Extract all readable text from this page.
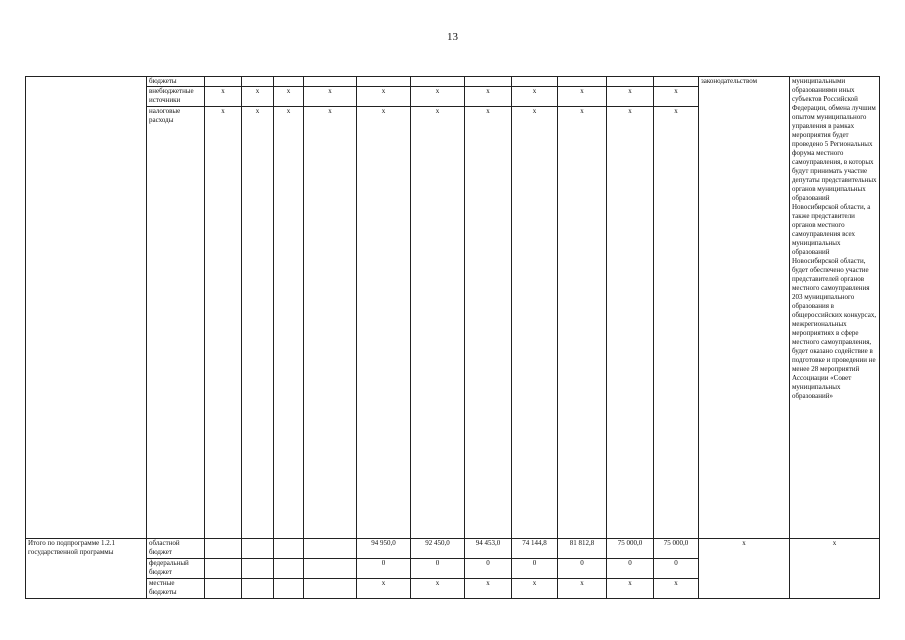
13
	бюджеты												законодательством	муниципальными образованиями иных субъектов Российской Федерации, обмена лучшим опытом муниципального управления в рамках мероприятия будет проведено 5 Региональных форума местного самоуправления, в которых будут принимать участие депутаты представительных органов муниципальных образований Новосибирской области, а также представители органов местного самоуправления всех муниципальных образований Новосибирской области, будет обеспечено участие представителей органов местного самоуправления 203 муниципального образования в общероссийских конкурсах, межрегиональных мероприятиях в сфере местного самоуправления, будет оказано содействие в подготовке и проведении не менее 28 мероприятий Ассоциации «Совет муниципальных образований»
	внебюджетные источники	x	x	x	x	x	x	x	x	x	x	x		
	налоговые расходы	x	x	x	x	x	x	x	x	x	x	x		
Итого по подпрограмме 1.2.1 государственной программы	областной бюджет					94 950,0	92 450,0	94 453,0	74 144,8	81 812,8	75 000,0	75 000,0	x	x
	федеральный бюджет					0	0	0	0	0	0	0		
	местные бюджеты					x	x	x	x	x	x	x		
